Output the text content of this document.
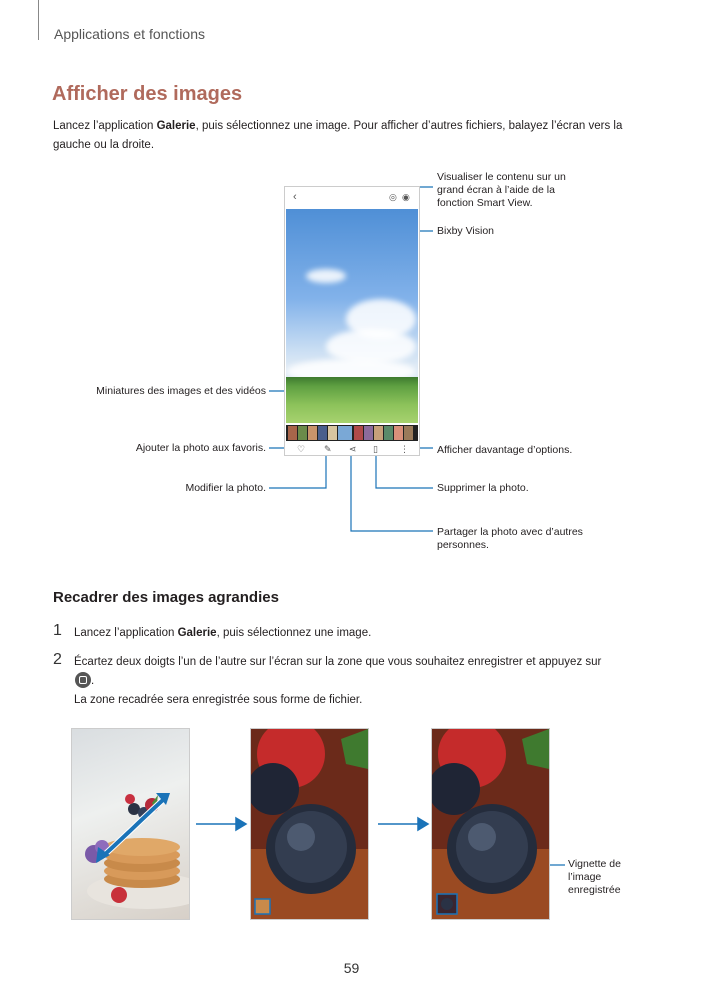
Applications et fonctions
Afficher des images
Lancez l’application Galerie, puis sélectionnez une image. Pour afficher d’autres fichiers, balayez l’écran vers la gauche ou la droite.
‹	◎ ◉
♡ ✎ ⋖ ▯ ⋮
Visualiser le contenu sur un grand écran à l’aide de la fonction Smart View.
Bixby Vision
Miniatures des images et des vidéos
Ajouter la photo aux favoris.
Modifier la photo.
Afficher davantage d’options.
Supprimer la photo.
Partager la photo avec d’autres personnes.
Recadrer des images agrandies
1 Lancez l’application Galerie, puis sélectionnez une image.
2 Écartez deux doigts l’un de l’autre sur l’écran sur la zone que vous souhaitez enregistrer et appuyez sur
.
La zone recadrée sera enregistrée sous forme de fichier.
Vignette de l’image enregistrée
59
